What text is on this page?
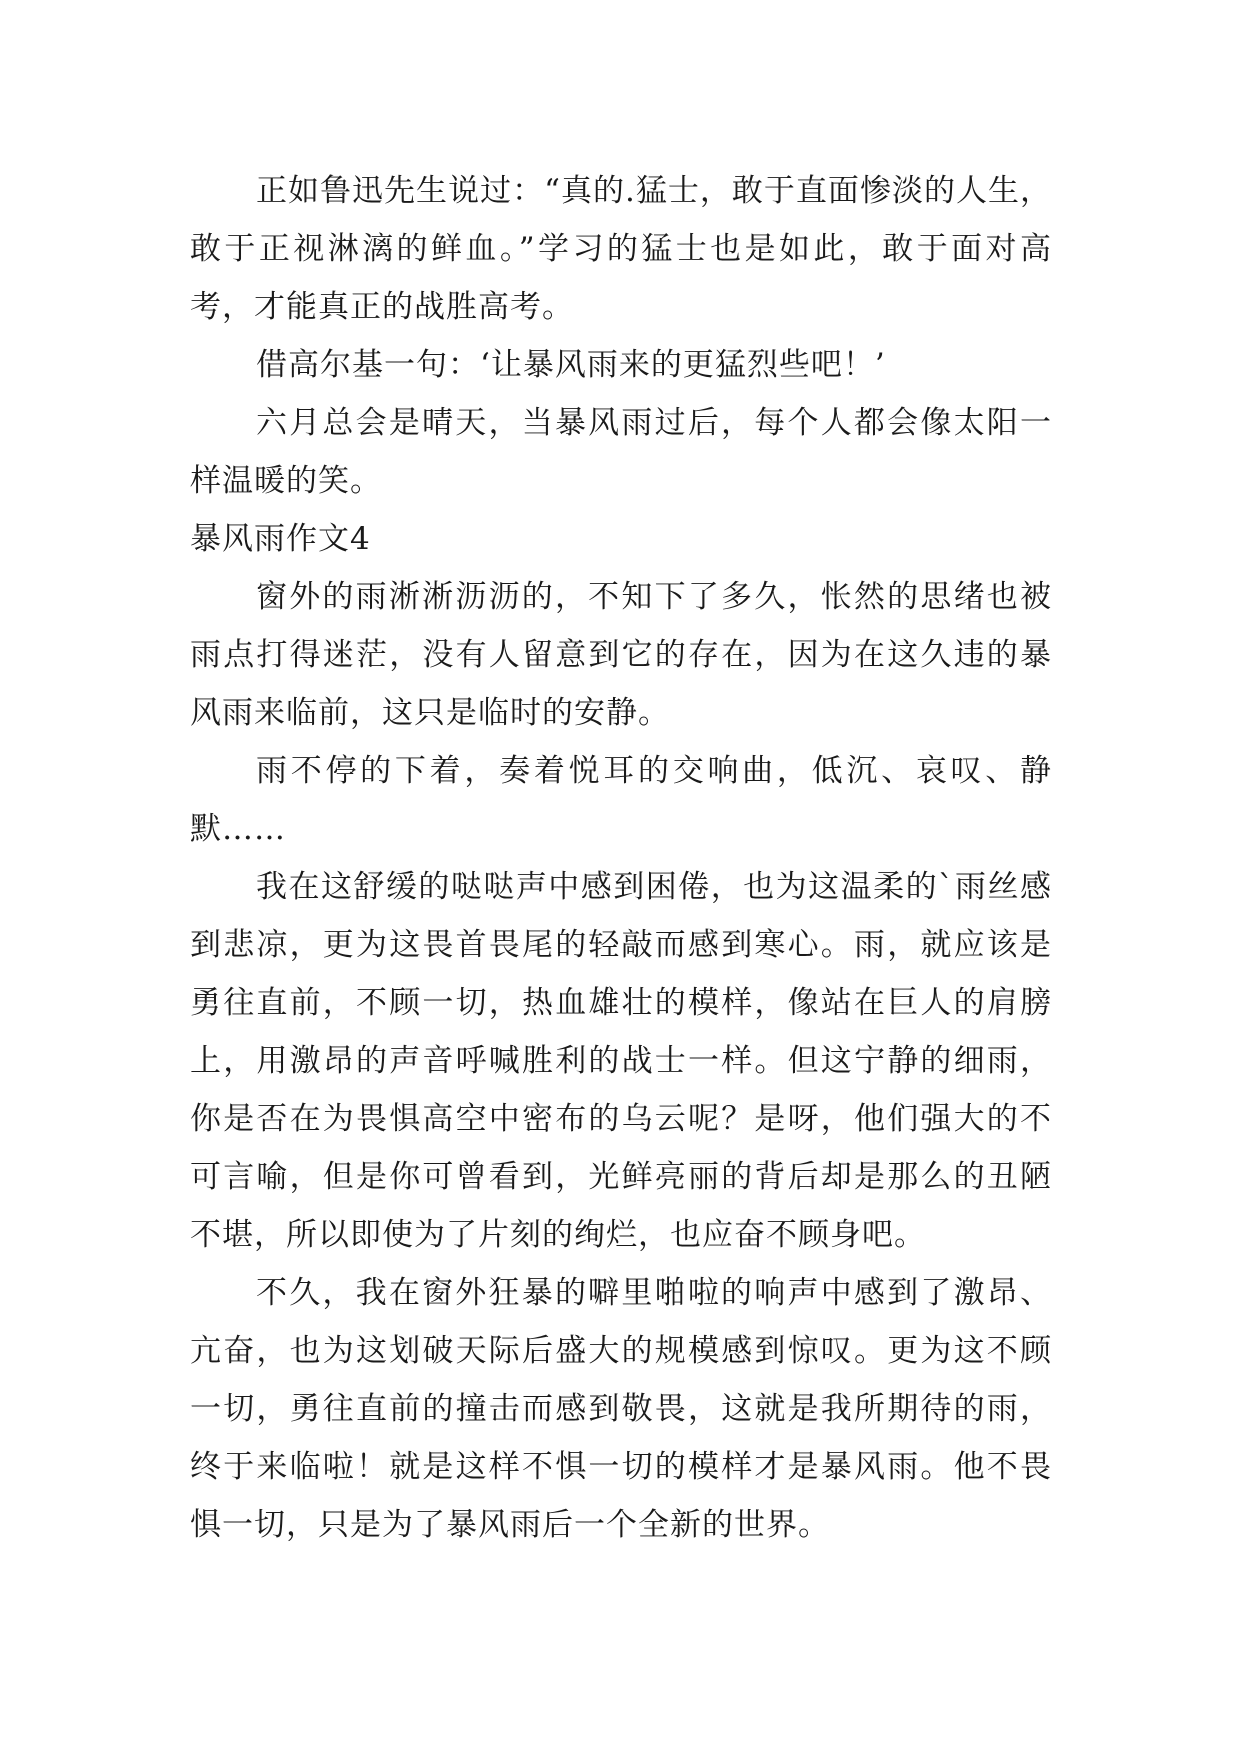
正如鲁迅先生说过：“真的.猛士，敢于直面惨淡的人生，敢于正视淋漓的鲜血。”学习的猛士也是如此，敢于面对高考，才能真正的战胜高考。

借高尔基一句：‘让暴风雨来的更猛烈些吧！’

六月总会是晴天，当暴风雨过后，每个人都会像太阳一样温暖的笑。

暴风雨作文4

窗外的雨淅淅沥沥的，不知下了多久，怅然的思绪也被雨点打得迷茫，没有人留意到它的存在，因为在这久违的暴风雨来临前，这只是临时的安静。

雨不停的下着，奏着悦耳的交响曲，低沉、哀叹、静默……

我在这舒缓的哒哒声中感到困倦，也为这温柔的`雨丝感到悲凉，更为这畏首畏尾的轻敲而感到寒心。雨，就应该是勇往直前，不顾一切，热血雄壮的模样，像站在巨人的肩膀上，用激昂的声音呼喊胜利的战士一样。但这宁静的细雨，你是否在为畏惧高空中密布的乌云呢？是呀，他们强大的不可言喻，但是你可曾看到，光鲜亮丽的背后却是那么的丑陋不堪，所以即使为了片刻的绚烂，也应奋不顾身吧。

不久，我在窗外狂暴的噼里啪啦的响声中感到了激昂、亢奋，也为这划破天际后盛大的规模感到惊叹。更为这不顾一切，勇往直前的撞击而感到敬畏，这就是我所期待的雨，终于来临啦！就是这样不惧一切的模样才是暴风雨。他不畏惧一切，只是为了暴风雨后一个全新的世界。
